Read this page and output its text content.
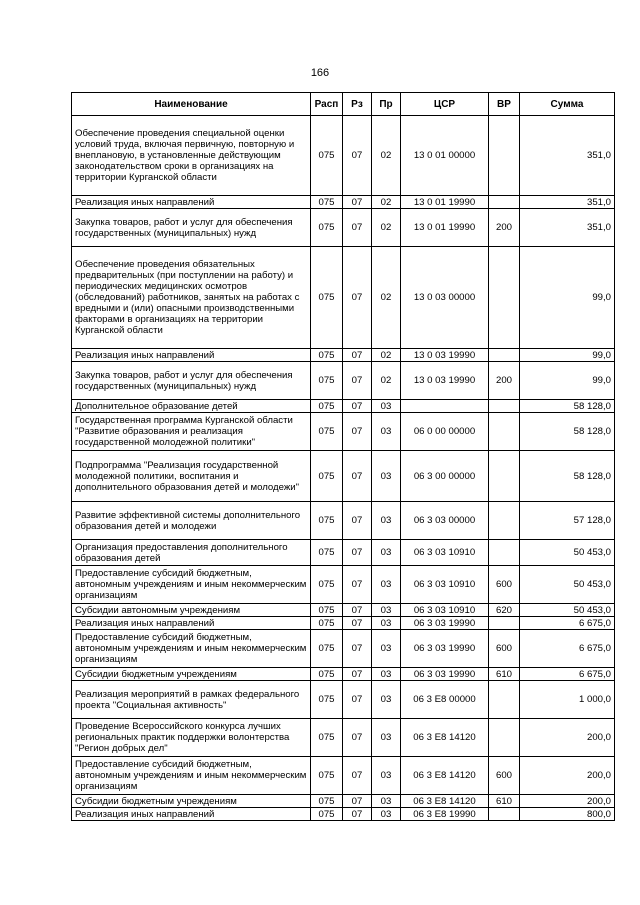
166
Наименование	Расп	Рз	Пр	ЦСР	ВР	Сумма
Обеспечение проведения специальной оценки условий труда, включая первичную, повторную и внеплановую, в установленные действующим законодательством сроки в организациях на территории Курганской области	075	07	02	13 0 01 00000		351,0
Реализация иных направлений	075	07	02	13 0 01 19990		351,0
Закупка товаров, работ и услуг для обеспечения государственных (муниципальных) нужд	075	07	02	13 0 01 19990	200	351,0
Обеспечение проведения обязательных предварительных (при поступлении на работу) и периодических медицинских осмотров (обследований) работников, занятых на работах с вредными и (или) опасными производственными факторами в организациях на территории Курганской области	075	07	02	13 0 03 00000		99,0
Реализация иных направлений	075	07	02	13 0 03 19990		99,0
Закупка товаров, работ и услуг для обеспечения государственных (муниципальных) нужд	075	07	02	13 0 03 19990	200	99,0
Дополнительное образование детей	075	07	03			58 128,0
Государственная программа Курганской области "Развитие образования и реализация государственной молодежной политики"	075	07	03	06 0 00 00000		58 128,0
Подпрограмма "Реализация государственной молодежной политики, воспитания и дополнительного образования детей и молодежи"	075	07	03	06 3 00 00000		58 128,0
Развитие эффективной системы дополнительного образования детей и молодежи	075	07	03	06 3 03 00000		57 128,0
Организация предоставления дополнительного образования детей	075	07	03	06 3 03 10910		50 453,0
Предоставление субсидий бюджетным, автономным учреждениям и иным некоммерческим организациям	075	07	03	06 3 03 10910	600	50 453,0
Субсидии автономным учреждениям	075	07	03	06 3 03 10910	620	50 453,0
Реализация иных направлений	075	07	03	06 3 03 19990		6 675,0
Предоставление субсидий бюджетным, автономным учреждениям и иным некоммерческим организациям	075	07	03	06 3 03 19990	600	6 675,0
Субсидии бюджетным учреждениям	075	07	03	06 3 03 19990	610	6 675,0
Реализация мероприятий в рамках федерального проекта "Социальная активность"	075	07	03	06 3 E8 00000		1 000,0
Проведение Всероссийского конкурса лучших региональных практик поддержки волонтерства "Регион добрых дел"	075	07	03	06 3 E8 14120		200,0
Предоставление субсидий бюджетным, автономным учреждениям и иным некоммерческим организациям	075	07	03	06 3 E8 14120	600	200,0
Субсидии бюджетным учреждениям	075	07	03	06 3 E8 14120	610	200,0
Реализация иных направлений	075	07	03	06 3 E8 19990		800,0
